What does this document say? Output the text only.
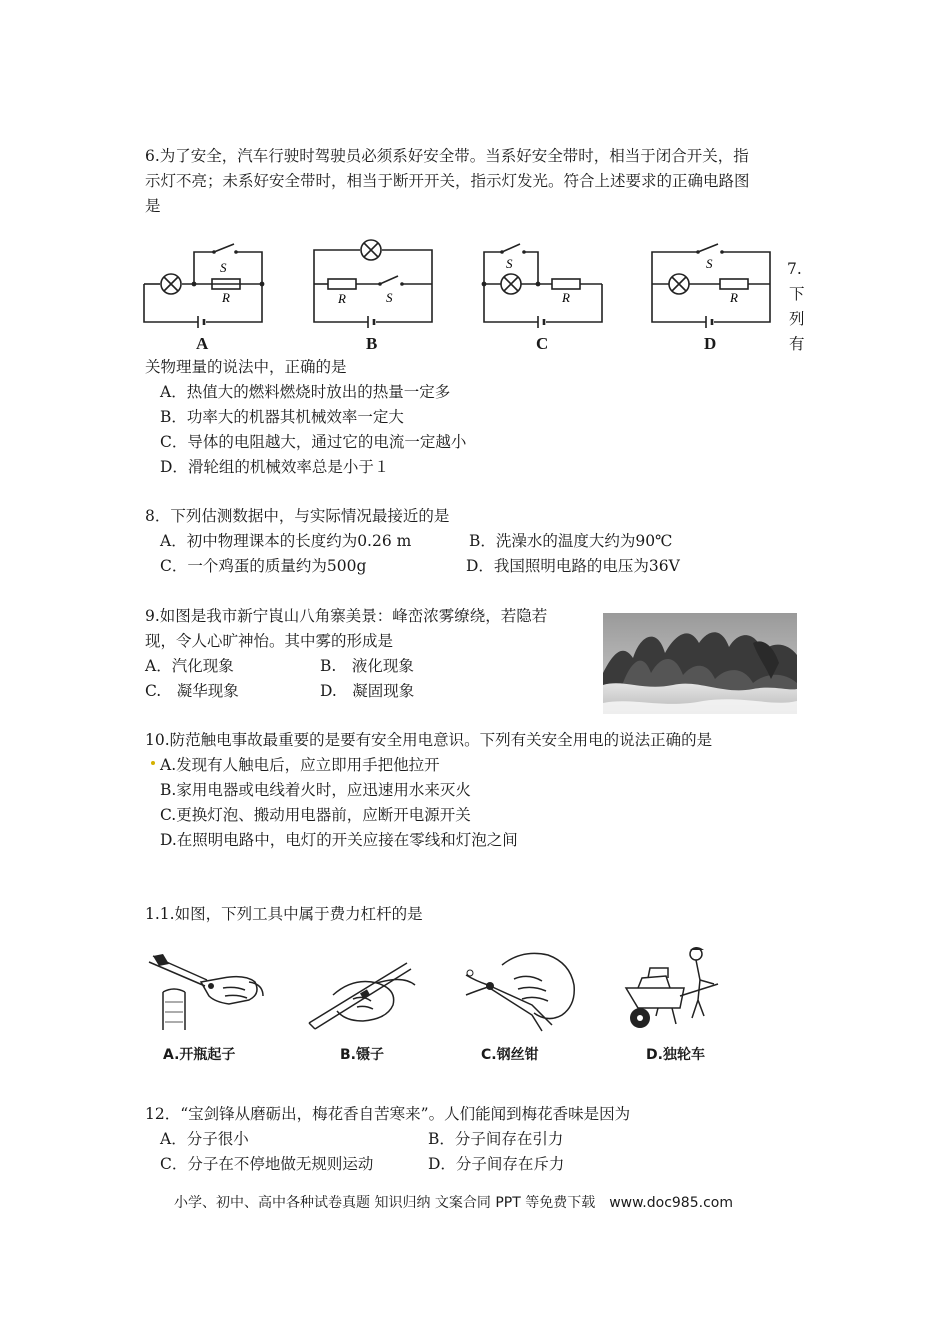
6.为了安全，汽车行驶时驾驶员必须系好安全带。当系好安全带时，相当于闭合开关，指
示灯不亮；未系好安全带时，相当于断开开关，指示灯发光。符合上述要求的正确电路图
是
S
R
A
R	S
B
S
R
C
S
R
D
7.
下
列
有
关物理量的说法中，正确的是
A．热值大的燃料燃烧时放出的热量一定多
B．功率大的机器其机械效率一定大
C．导体的电阻越大，通过它的电流一定越小
D．滑轮组的机械效率总是小于１
8．下列估测数据中，与实际情况最接近的是
A．初中物理课本的长度约为0.26 m	B．洗澡水的温度大约为90℃
C．一个鸡蛋的质量约为500g	D．我国照明电路的电压为36V
9.如图是我市新宁崀山八角寨美景：峰峦浓雾缭绕，若隐若
现，令人心旷神怡。其中雾的形成是
A．汽化现象	B.　液化现象
C.　凝华现象	D.　凝固现象
10.防范触电事故最重要的是要有安全用电意识。下列有关安全用电的说法正确的是
A.发现有人触电后，应立即用手把他拉开
B.家用电器或电线着火时，应迅速用水来灭火
C.更换灯泡、搬动用电器前，应断开电源开关
D.在照明电路中，电灯的开关应接在零线和灯泡之间
1.1.如图，下列工具中属于费力杠杆的是
A.开瓶起子	B.镊子	C.钢丝钳	D.独轮车
12．“宝剑锋从磨砺出，梅花香自苦寒来”。人们能闻到梅花香味是因为
A．分子很小	B．分子间存在引力
C．分子在不停地做无规则运动	D．分子间存在斥力
小学、初中、高中各种试卷真题 知识归纳 文案合同 PPT 等免费下载　www.doc985.com
